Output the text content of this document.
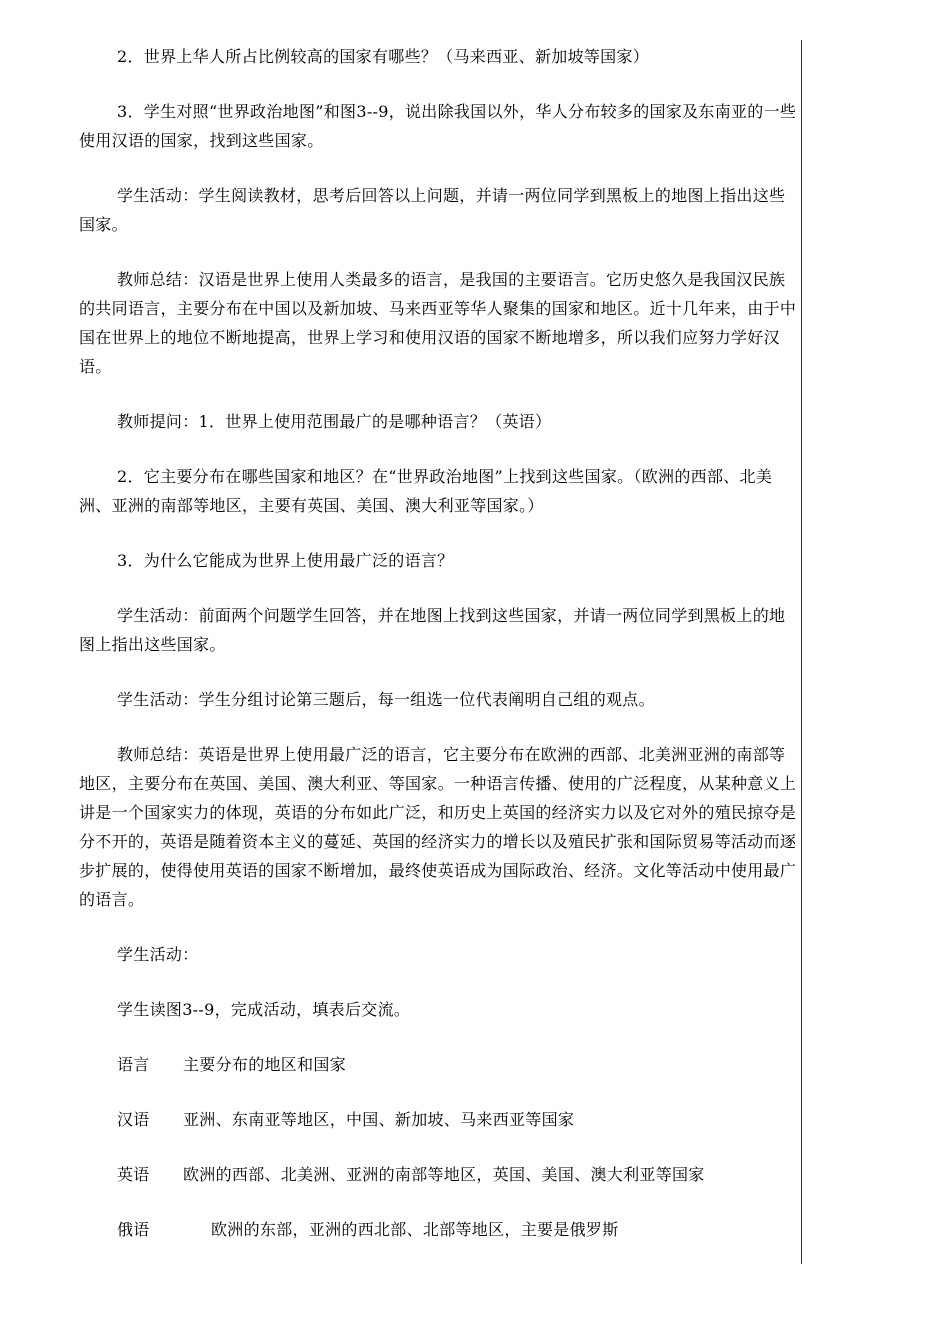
2．世界上华人所占比例较高的国家有哪些？（马来西亚、新加坡等国家）

3．学生对照“世界政治地图”和图3--9，说出除我国以外，华人分布较多的国家及东南亚的一些使用汉语的国家，找到这些国家。

学生活动：学生阅读教材，思考后回答以上问题，并请一两位同学到黑板上的地图上指出这些国家。

教师总结：汉语是世界上使用人类最多的语言，是我国的主要语言。它历史悠久是我国汉民族的共同语言，主要分布在中国以及新加坡、马来西亚等华人聚集的国家和地区。近十几年来，由于中国在世界上的地位不断地提高，世界上学习和使用汉语的国家不断地增多，所以我们应努力学好汉语。

教师提问：1．世界上使用范围最广的是哪种语言？（英语）

2．它主要分布在哪些国家和地区？在“世界政治地图”上找到这些国家。（欧洲的西部、北美洲、亚洲的南部等地区，主要有英国、美国、澳大利亚等国家。）

3．为什么它能成为世界上使用最广泛的语言？

学生活动：前面两个问题学生回答，并在地图上找到这些国家，并请一两位同学到黑板上的地图上指出这些国家。

学生活动：学生分组讨论第三题后，每一组选一位代表阐明自己组的观点。

教师总结：英语是世界上使用最广泛的语言，它主要分布在欧洲的西部、北美洲亚洲的南部等地区，主要分布在英国、美国、澳大利亚、等国家。一种语言传播、使用的广泛程度，从某种意义上讲是一个国家实力的体现，英语的分布如此广泛，和历史上英国的经济实力以及它对外的殖民掠夺是分不开的，英语是随着资本主义的蔓延、英国的经济实力的增长以及殖民扩张和国际贸易等活动而逐步扩展的，使得使用英语的国家不断增加，最终使英语成为国际政治、经济。文化等活动中使用最广的语言。

学生活动：

学生读图3--9，完成活动，填表后交流。

语言 主要分布的地区和国家
汉语 亚洲、东南亚等地区，中国、新加坡、马来西亚等国家
英语 欧洲的西部、北美洲、亚洲的南部等地区，英国、美国、澳大利亚等国家
俄语	欧洲的东部，亚洲的西北部、北部等地区，主要是俄罗斯
